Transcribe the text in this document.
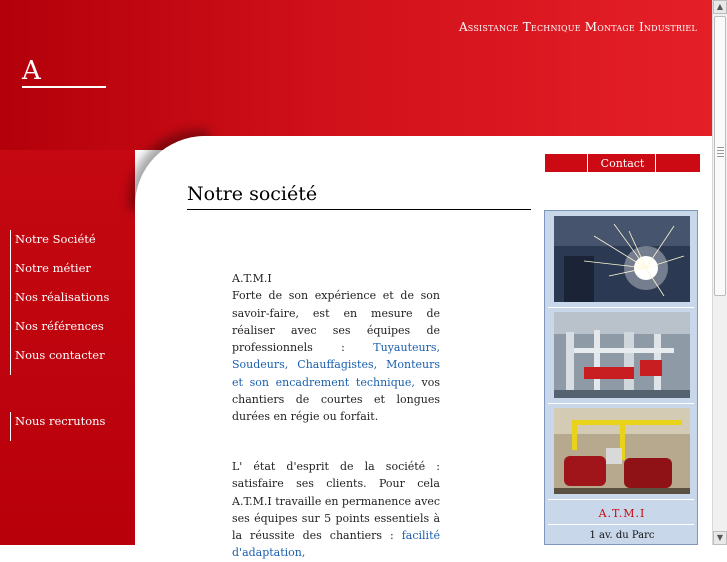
Assistance Technique Montage Industriel
A
Notre Société
Notre métier
Nos réalisations
Nos références
Nous contacter
Nous recrutons
Contact
Notre société
A.T.M.I
Forte de son expérience et de son savoir-faire, est en mesure de réaliser avec ses équipes de professionnels :	Tuyauteurs, Soudeurs, Chauffagistes, Monteurs et son encadrement technique, vos chantiers de courtes et longues durées en régie ou forfait.
L' état d'esprit de la société : satisfaire ses clients. Pour cela A.T.M.I travaille en permanence avec ses équipes sur 5 points essentiels à la réussite des chantiers : facilité d'adaptation,
A.T.M.I
1 av. du Parc
▲
▼
